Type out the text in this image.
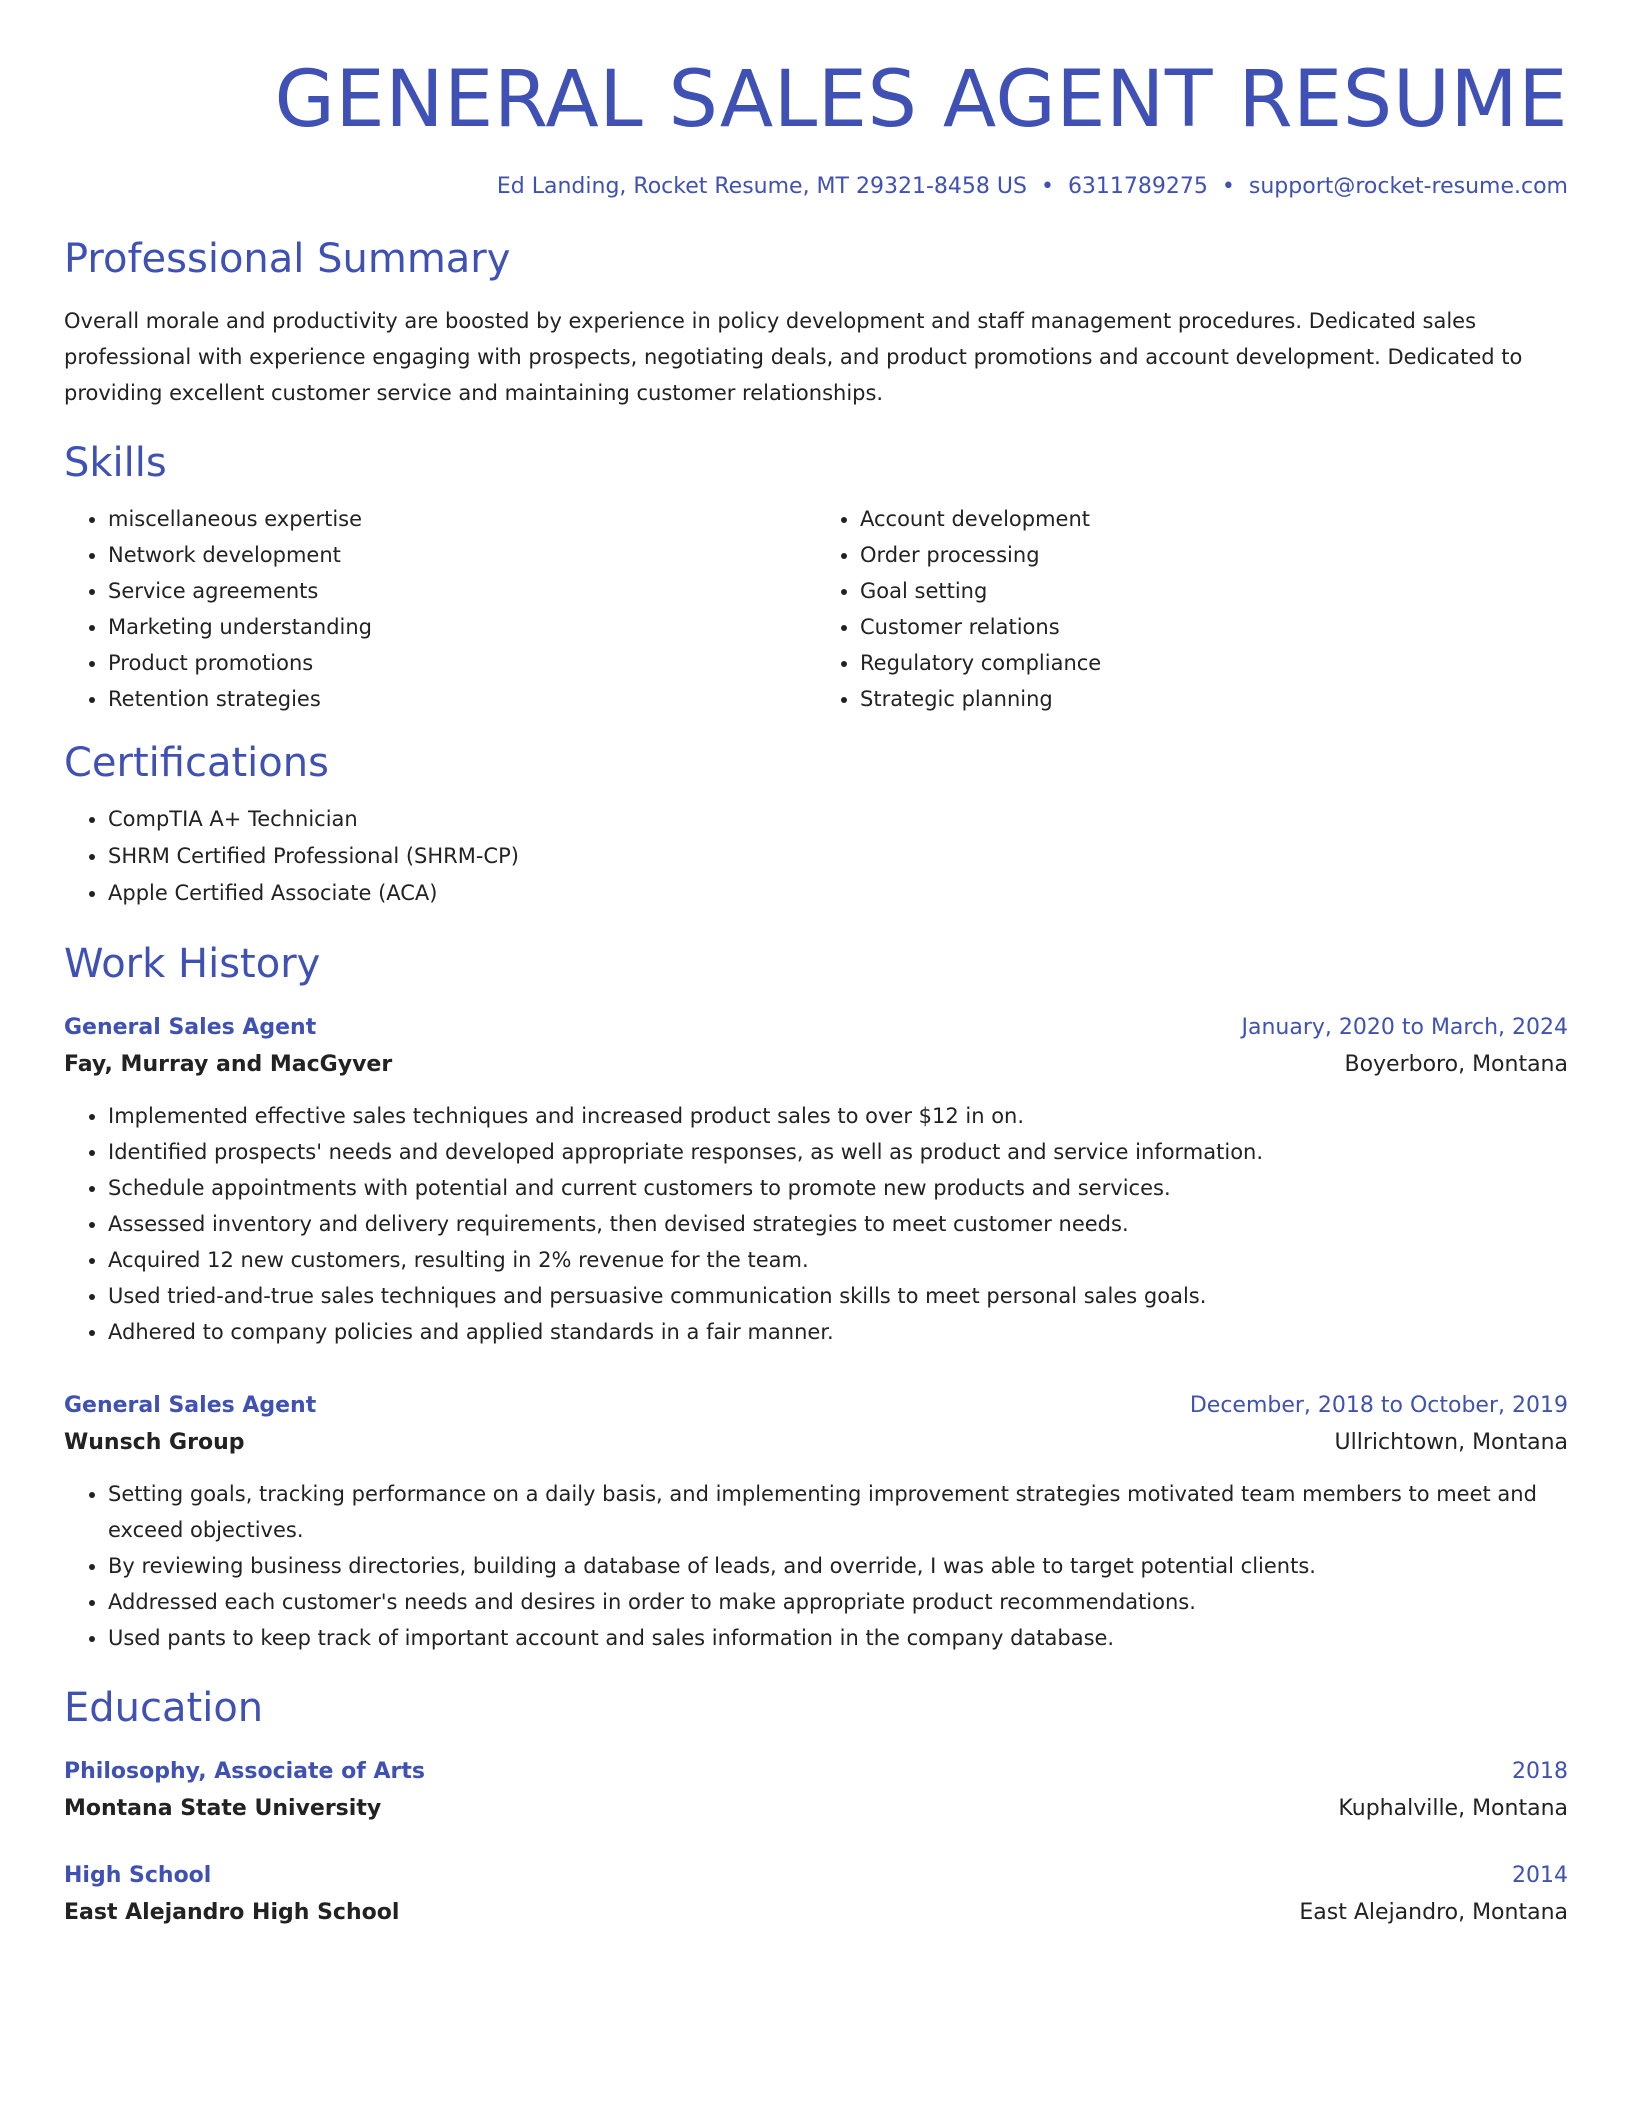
GENERAL SALES AGENT RESUME
Ed Landing, Rocket Resume, MT 29321-8458 US • 6311789275 • support@rocket-resume.com
Professional Summary

Overall morale and productivity are boosted by experience in policy development and staff management procedures. Dedicated sales professional with experience engaging with prospects, negotiating deals, and product promotions and account development. Dedicated to providing excellent customer service and maintaining customer relationships.

Skills
• miscellaneous expertise
• Network development
• Service agreements
• Marketing understanding
• Product promotions
• Retention strategies
• Account development
• Order processing
• Goal setting
• Customer relations
• Regulatory compliance
• Strategic planning
Certifications
• CompTIA A+ Technician
• SHRM Certified Professional (SHRM-CP)
• Apple Certified Associate (ACA)
Work History
General Sales Agent	January, 2020 to March, 2024
Fay, Murray and MacGyver	Boyerboro, Montana
• Implemented effective sales techniques and increased product sales to over $12 in on.
• Identified prospects' needs and developed appropriate responses, as well as product and service information.
• Schedule appointments with potential and current customers to promote new products and services.
• Assessed inventory and delivery requirements, then devised strategies to meet customer needs.
• Acquired 12 new customers, resulting in 2% revenue for the team.
• Used tried-and-true sales techniques and persuasive communication skills to meet personal sales goals.
• Adhered to company policies and applied standards in a fair manner.
General Sales Agent	December, 2018 to October, 2019
Wunsch Group	Ullrichtown, Montana
• Setting goals, tracking performance on a daily basis, and implementing improvement strategies motivated team members to meet and exceed objectives.
• By reviewing business directories, building a database of leads, and override, I was able to target potential clients.
• Addressed each customer's needs and desires in order to make appropriate product recommendations.
• Used pants to keep track of important account and sales information in the company database.
Education
Philosophy, Associate of Arts	2018
Montana State University	Kuphalville, Montana
High School	2014
East Alejandro High School	East Alejandro, Montana
